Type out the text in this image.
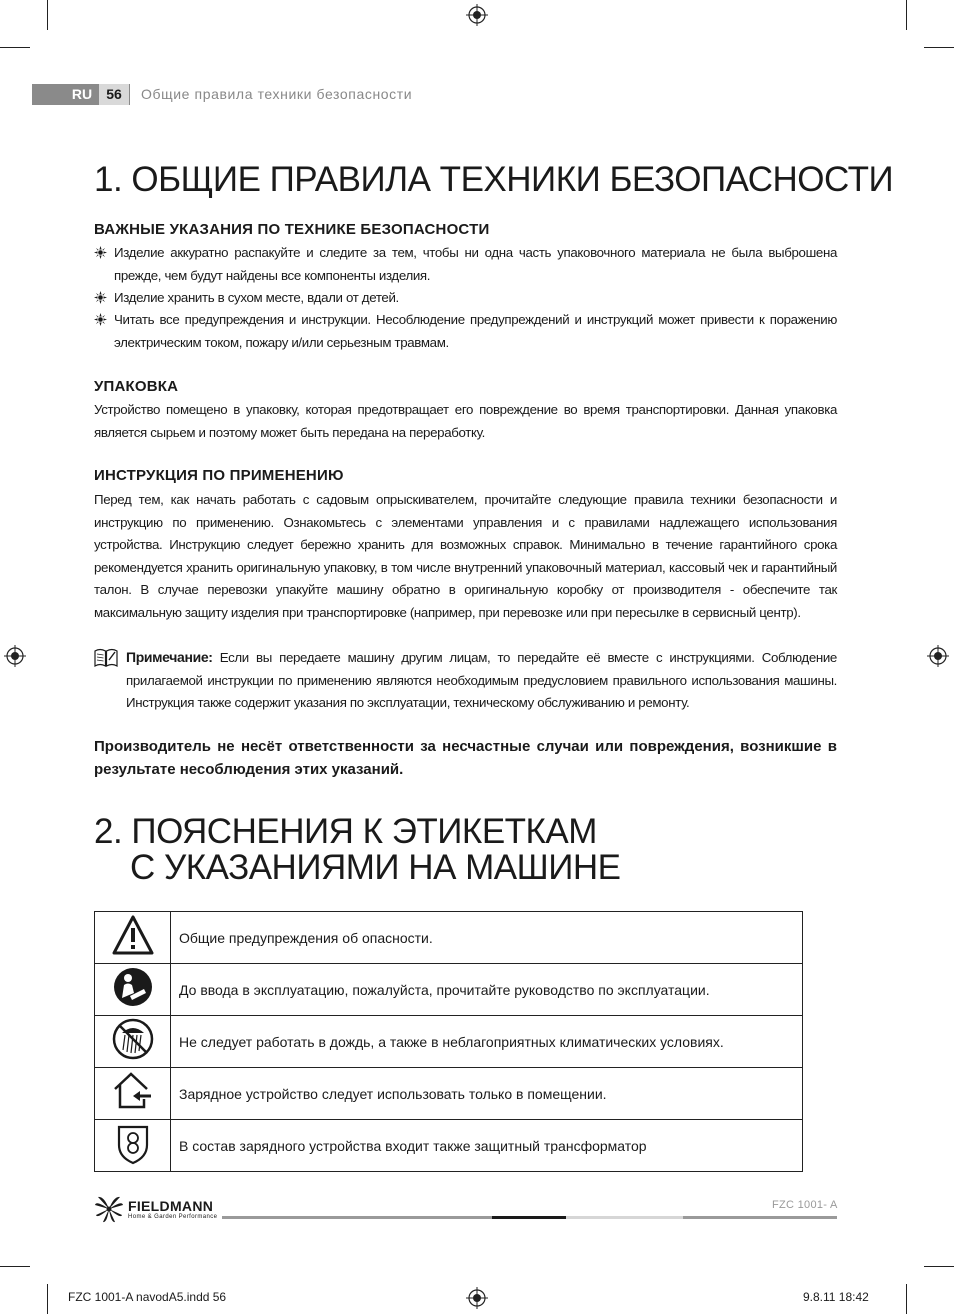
RU	56	Общие правила техники безопасности
1. ОБЩИЕ ПРАВИЛА ТЕХНИКИ БЕЗОПАСНОСТИ
ВАЖНЫЕ УКАЗАНИЯ ПО ТЕХНИКЕ БЕЗОПАСНОСТИ
Изделие аккуратно распакуйте и следите за тем, чтобы ни одна часть упаковочного материала не была выброшена прежде, чем будут найдены все компоненты изделия.
Изделие хранить в сухом месте, вдали от детей.
Читать все предупреждения и инструкции. Несоблюдение предупреждений и инструкций может привести к поражению электрическим током, пожару и/или серьезным травмам.
УПАКОВКА
Устройство помещено в упаковку, которая предотвращает его повреждение во время транспортировки. Данная упаковка является сырьем и поэтому может быть передана на переработку.
ИНСТРУКЦИЯ ПО ПРИМЕНЕНИЮ
Перед тем, как начать работать с садовым опрыскивателем, прочитайте следующие правила техники безопасности и инструкцию по применению. Ознакомьтесь с элементами управления и с правилами надлежащего использования устройства. Инструкцию следует бережно хранить для возможных справок. Минимально в течение гарантийного срока рекомендуется хранить оригинальную упаковку, в том числе внутренний упаковочный материал, кассовый чек и гарантийный талон. В случае перевозки упакуйте машину обратно в оригинальную коробку от производителя - обеспечите так максимальную защиту изделия при транспортировке (например, при перевозке или при пересылке в сервисный центр).
Примечание: Если вы передаете машину другим лицам, то передайте её вместе с инструкциями. Соблюдение прилагаемой инструкции по применению являются необходимым предусловием правильного использования машины. Инструкция также содержит указания по эксплуатации, техническому обслуживанию и ремонту.
Производитель не несёт ответственности за несчастные случаи или повреждения, возникшие в результате несоблюдения этих указаний.
2. ПОЯСНЕНИЯ К ЭТИКЕТКАМ
С УКАЗАНИЯМИ НА МАШИНЕ
	Общие предупреждения об опасности.
	До ввода в эксплуатацию, пожалуйста, прочитайте руководство по эксплуатации.
	Не следует работать в дождь, а также в неблагоприятных климатических условиях.
	Зарядное устройство следует использовать только в помещении.
	В состав зарядного устройства входит также защитный трансформатор
FIELDMANN
Home & Garden Performance
FZC 1001- A
FZC 1001-A navodA5.indd 56	9.8.11 18:42
